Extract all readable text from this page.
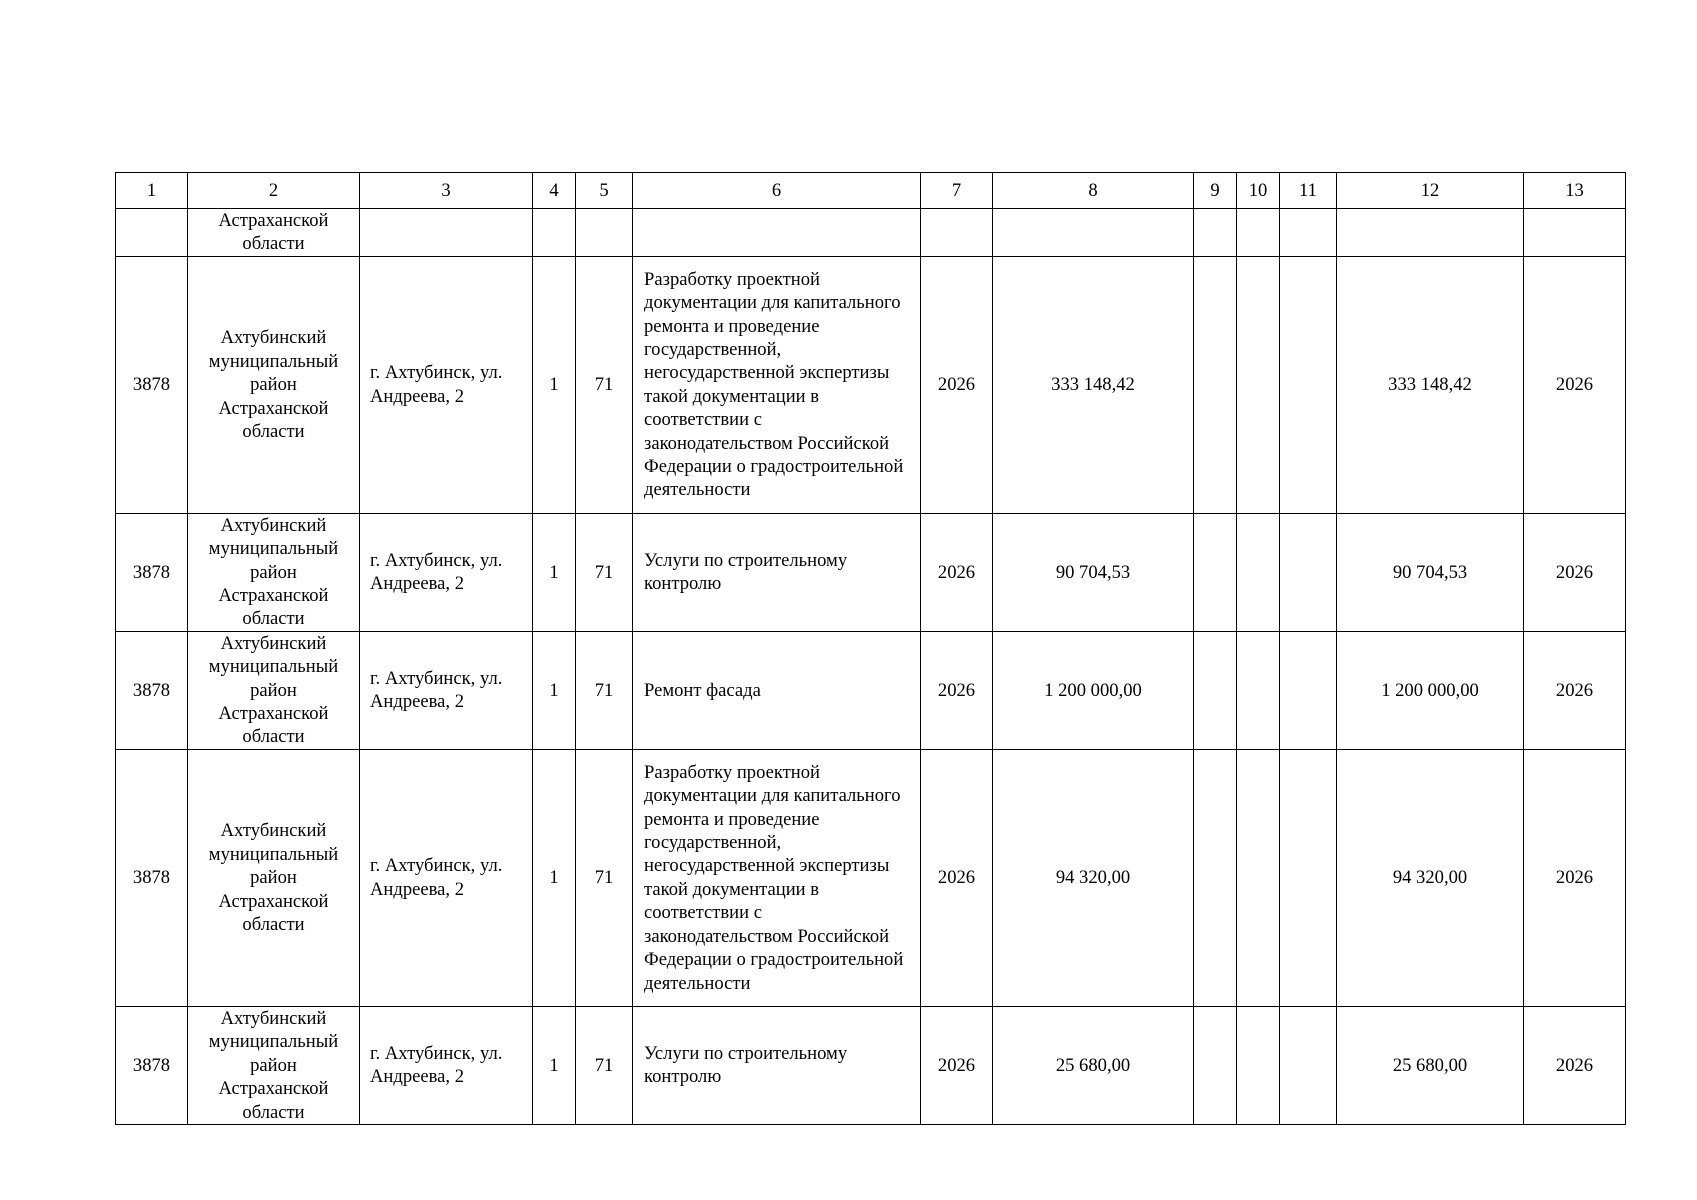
1	2	3	4	5	6	7	8	9	10	11	12	13
	Астраханской области											
3878	Ахтубинский муниципальный район Астраханской области	г. Ахтубинск, ул. Андреева, 2	1	71	Разработку проектной документации для капитального ремонта и проведение государственной, негосударственной экспертизы такой документации в соответствии с законодательством Российской Федерации о градостроительной деятельности	2026	333 148,42				333 148,42	2026
3878	Ахтубинский муниципальный район Астраханской области	г. Ахтубинск, ул. Андреева, 2	1	71	Услуги по строительному контролю	2026	90 704,53				90 704,53	2026
3878	Ахтубинский муниципальный район Астраханской области	г. Ахтубинск, ул. Андреева, 2	1	71	Ремонт фасада	2026	1 200 000,00				1 200 000,00	2026
3878	Ахтубинский муниципальный район Астраханской области	г. Ахтубинск, ул. Андреева, 2	1	71	Разработку проектной документации для капитального ремонта и проведение государственной, негосударственной экспертизы такой документации в соответствии с законодательством Российской Федерации о градостроительной деятельности	2026	94 320,00				94 320,00	2026
3878	Ахтубинский муниципальный район Астраханской области	г. Ахтубинск, ул. Андреева, 2	1	71	Услуги по строительному контролю	2026	25 680,00				25 680,00	2026
